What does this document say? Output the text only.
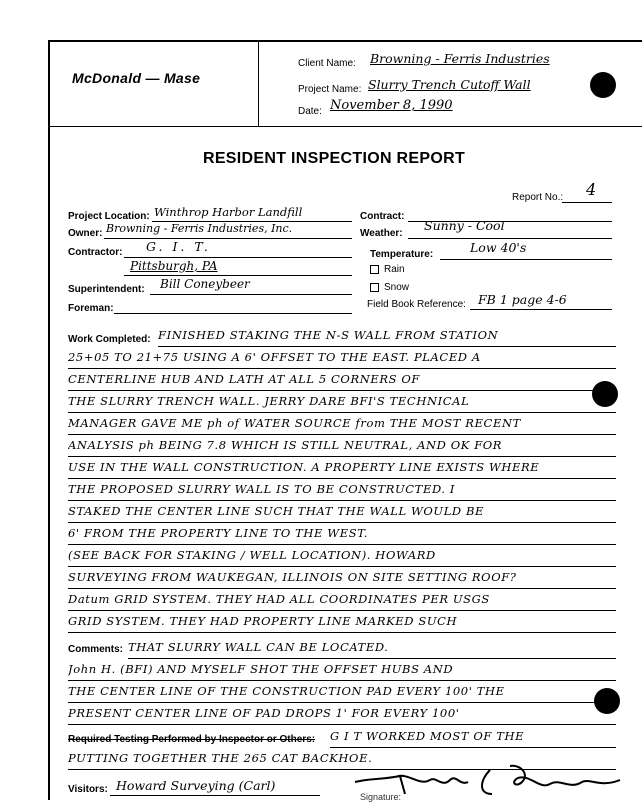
McDonald — Mase
Client Name: Browning - Ferris Industries
Project Name: Slurry Trench Cutoff Wall
Date: November 8, 1990
RESIDENT INSPECTION REPORT
Report No.: 4
Project Location: Winthrop Harbor Landfill
Owner: Browning - Ferris Industries, Inc.
Contractor: G. I. T.
Pittsburgh, PA
Superintendent: Bill Coneybeer
Foreman:
Contract:
Weather:
Sunny - Cool
Temperature:	Low 40's
Rain
Snow
Field Book Reference: FB 1 page 4-6
Work Completed: FINISHED STAKING THE N-S WALL FROM STATION
25+05 TO 21+75 USING A 6' OFFSET TO THE EAST. PLACED A
CENTERLINE HUB AND LATH AT ALL 5 CORNERS OF
THE SLURRY TRENCH WALL. JERRY DARE BFI'S TECHNICAL
MANAGER GAVE ME ph of WATER SOURCE from THE MOST RECENT
ANALYSIS ph BEING 7.8 WHICH IS STILL NEUTRAL, AND OK FOR
USE IN THE WALL CONSTRUCTION. A PROPERTY LINE EXISTS WHERE
THE PROPOSED SLURRY WALL IS TO BE CONSTRUCTED. I
STAKED THE CENTER LINE SUCH THAT THE WALL WOULD BE
6' FROM THE PROPERTY LINE TO THE WEST.
(SEE BACK FOR STAKING / WELL LOCATION). HOWARD
SURVEYING FROM WAUKEGAN, ILLINOIS ON SITE SETTING ROOF?
Datum GRID SYSTEM. THEY HAD ALL COORDINATES PER USGS
GRID SYSTEM. THEY HAD PROPERTY LINE MARKED SUCH
Comments: THAT SLURRY WALL CAN BE LOCATED.
John H. (BFI) AND MYSELF SHOT THE OFFSET HUBS AND
THE CENTER LINE OF THE CONSTRUCTION PAD EVERY 100' THE
PRESENT CENTER LINE OF PAD DROPS 1' FOR EVERY 100'
Required Testing Performed by Inspector or Others: G I T WORKED MOST OF THE
PUTTING TOGETHER THE 265 CAT BACKHOE.
Visitors: Howard Surveying (Carl)
Signature:
